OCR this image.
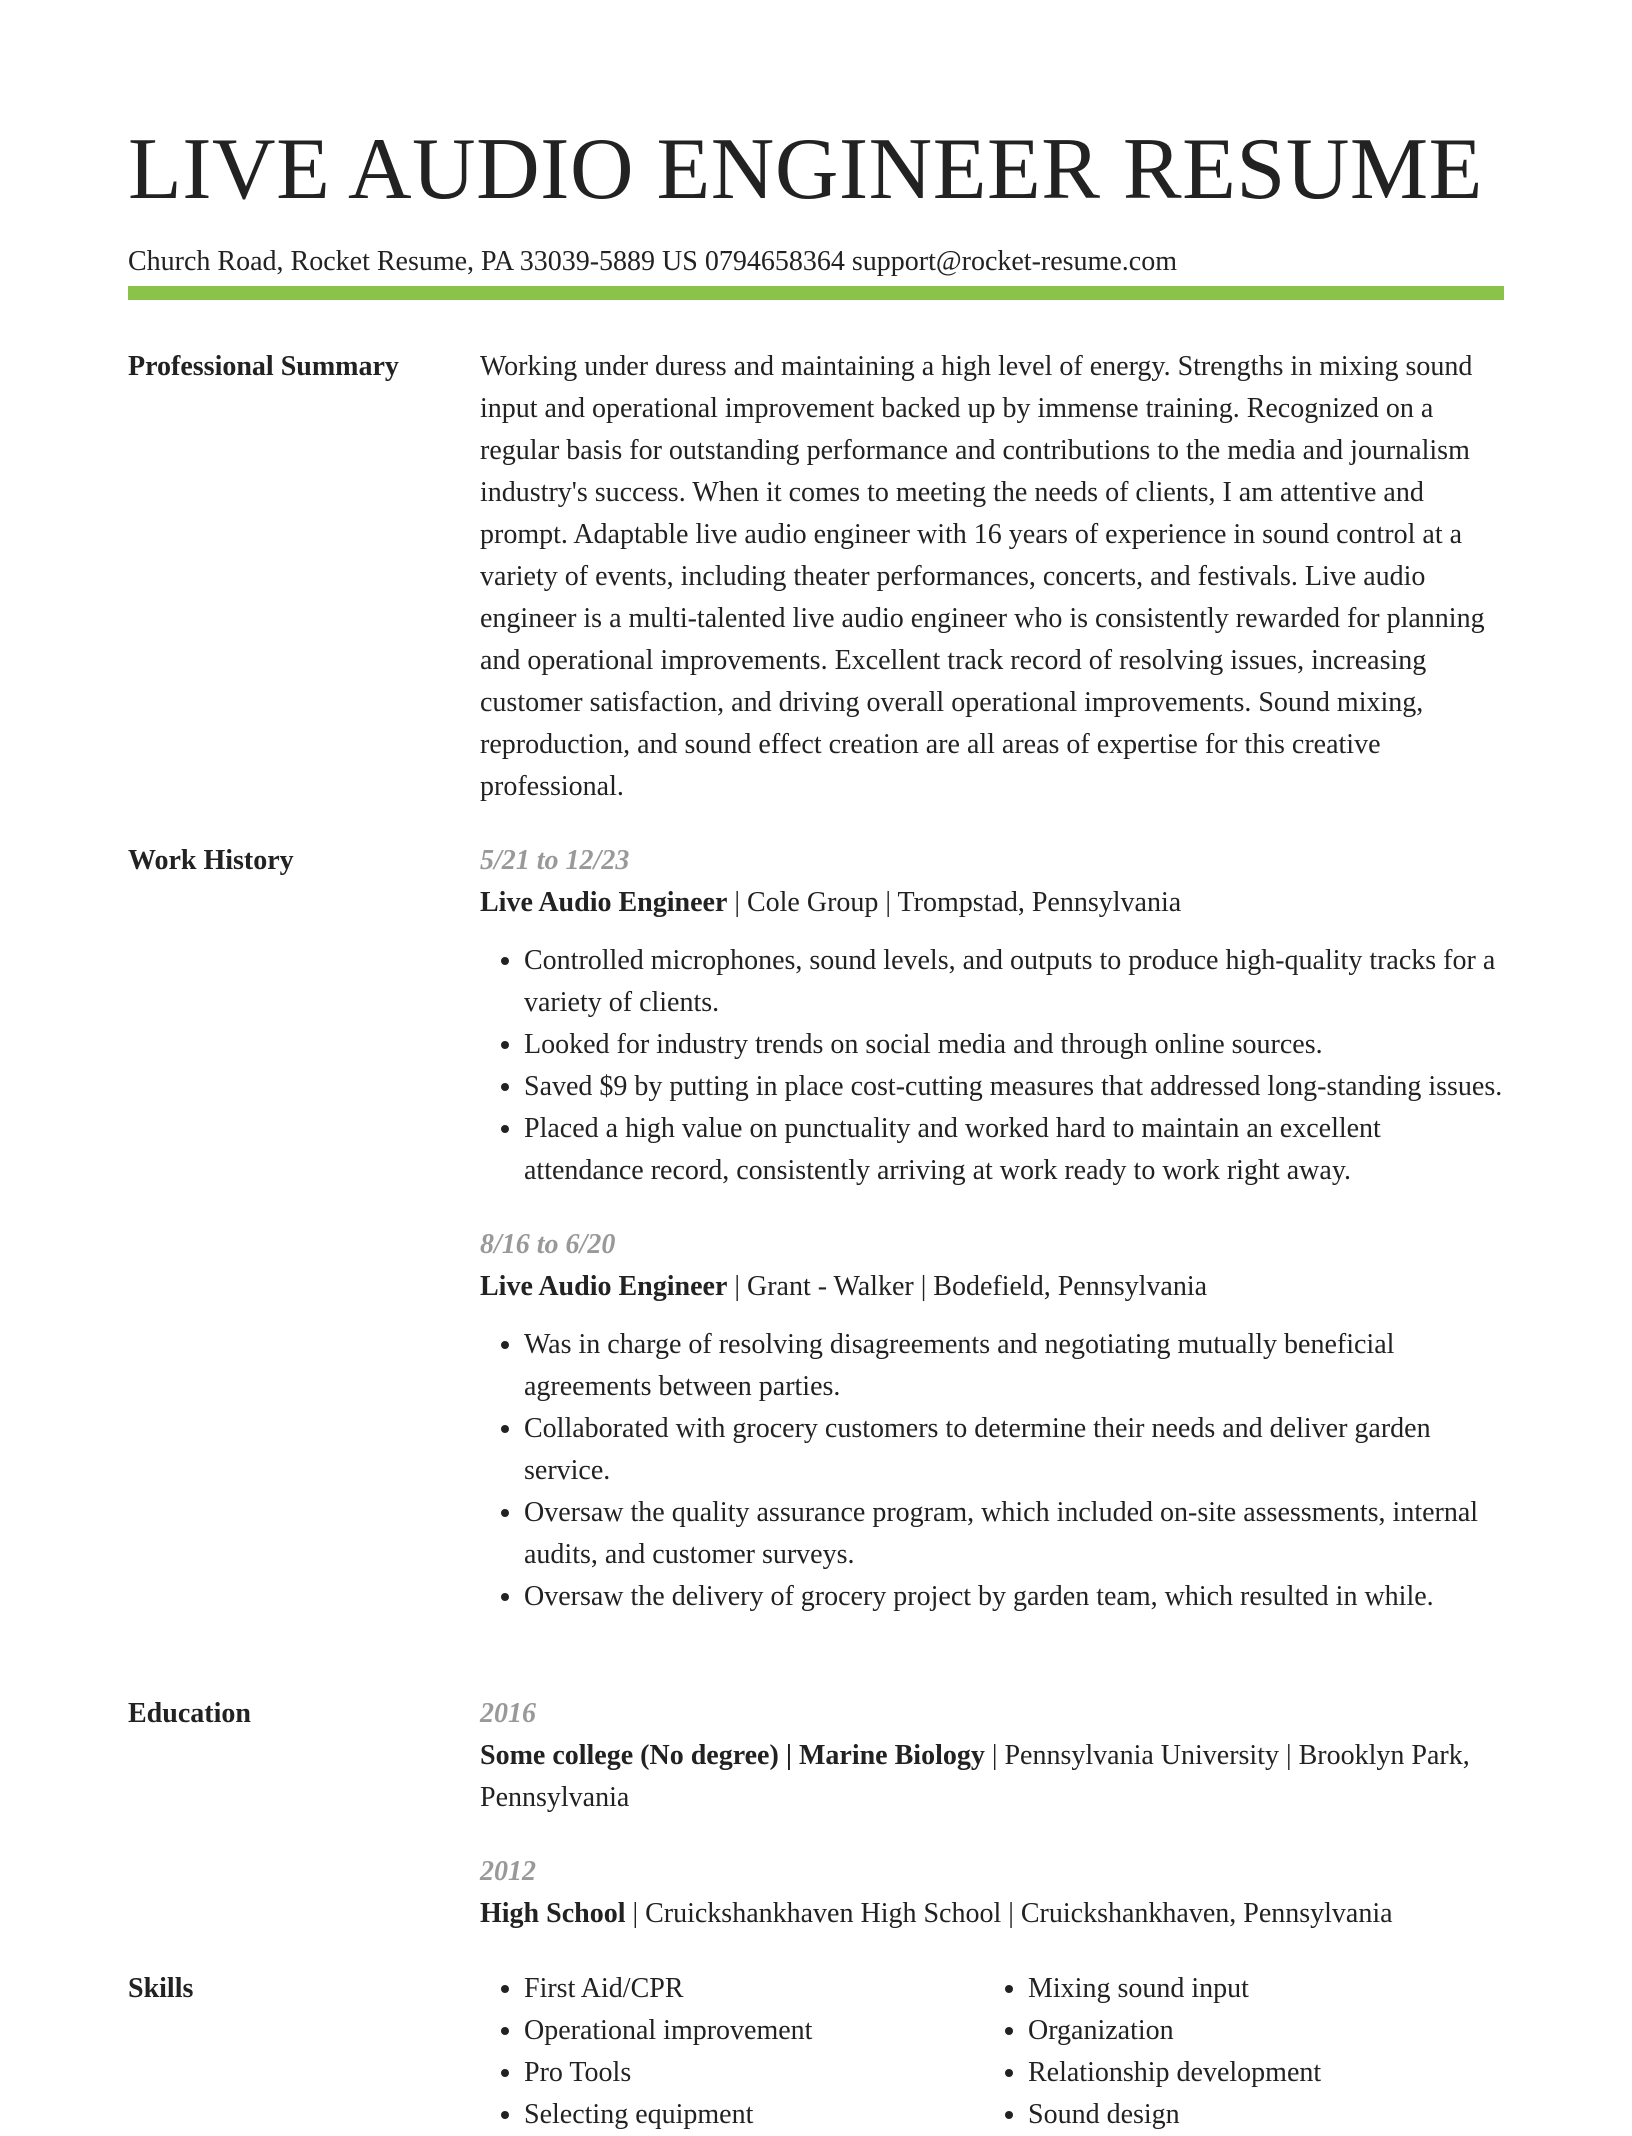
LIVE AUDIO ENGINEER RESUME
Church Road, Rocket Resume, PA 33039-5889 US 0794658364 support@rocket-resume.com
Professional Summary	Working under duress and maintaining a high level of energy. Strengths in mixing sound input and operational improvement backed up by immense training. Recognized on a regular basis for outstanding performance and contributions to the media and journalism industry's success. When it comes to meeting the needs of clients, I am attentive and prompt. Adaptable live audio engineer with 16 years of experience in sound control at a variety of events, including theater performances, concerts, and festivals. Live audio engineer is a multi-talented live audio engineer who is consistently rewarded for planning and operational improvements. Excellent track record of resolving issues, increasing customer satisfaction, and driving overall operational improvements. Sound mixing, reproduction, and sound effect creation are all areas of expertise for this creative professional.

Work History	5/21 to 12/23
Live Audio Engineer | Cole Group | Trompstad, Pennsylvania
• Controlled microphones, sound levels, and outputs to produce high-quality tracks for a variety of clients.
• Looked for industry trends on social media and through online sources.
• Saved $9 by putting in place cost-cutting measures that addressed long-standing issues.
• Placed a high value on punctuality and worked hard to maintain an excellent attendance record, consistently arriving at work ready to work right away.
8/16 to 6/20
Live Audio Engineer | Grant - Walker | Bodefield, Pennsylvania
• Was in charge of resolving disagreements and negotiating mutually beneficial agreements between parties.
• Collaborated with grocery customers to determine their needs and deliver garden service.
• Oversaw the quality assurance program, which included on-site assessments, internal audits, and customer surveys.
• Oversaw the delivery of grocery project by garden team, which resulted in while.
Education	2016
Some college (No degree) | Marine Biology | Pennsylvania University | Brooklyn Park, Pennsylvania
2012
High School | Cruickshankhaven High School | Cruickshankhaven, Pennsylvania
Skills
•	First Aid/CPR
• Operational improvement
• Pro Tools
• Selecting equipment
• Mixing sound input
• Organization
• Relationship development
• Sound design
